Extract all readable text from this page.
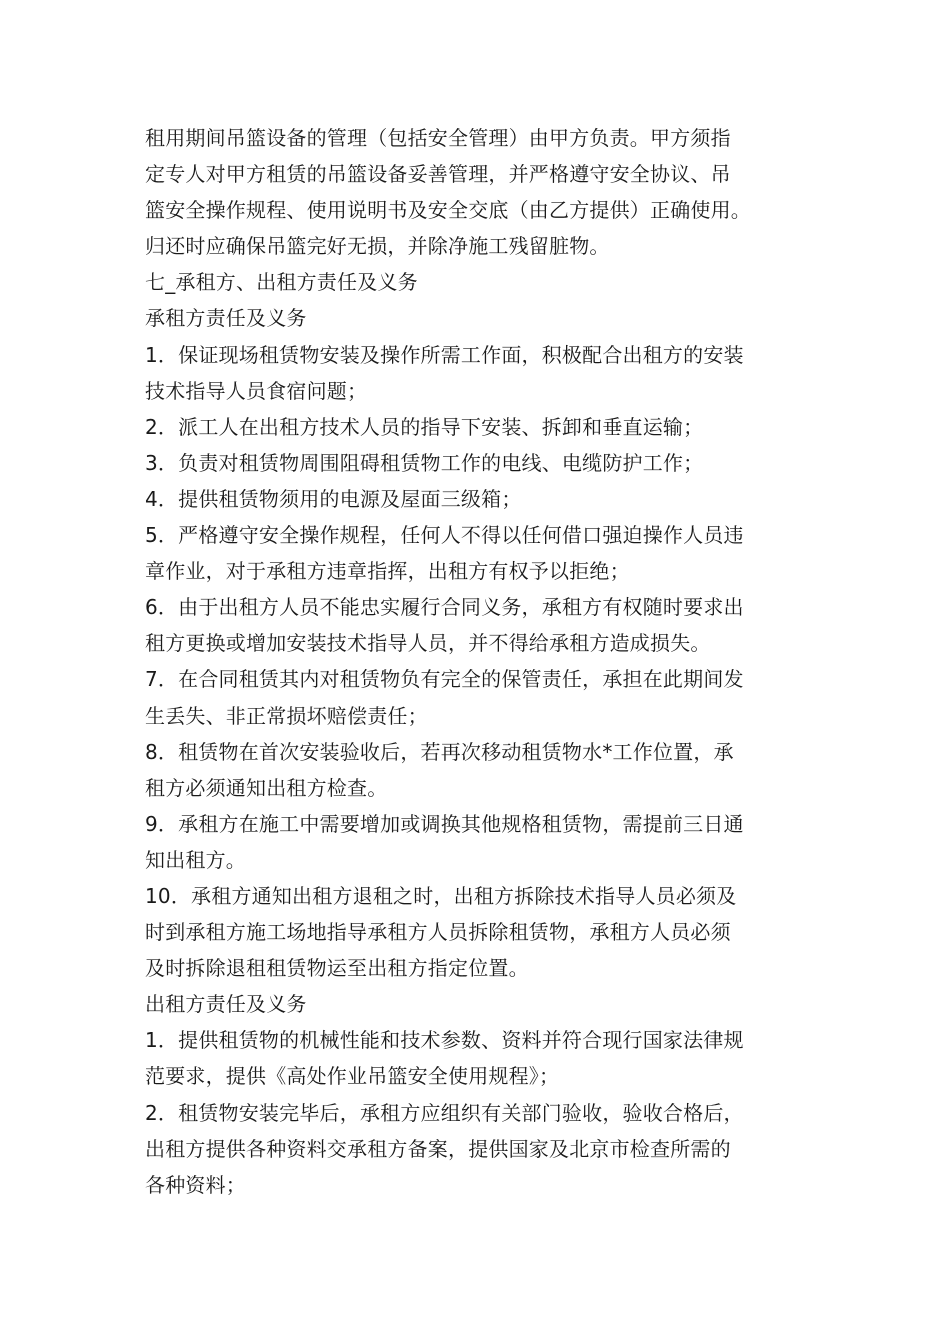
租用期间吊篮设备的管理（包括安全管理）由甲方负责。甲方须指
定专人对甲方租赁的吊篮设备妥善管理，并严格遵守安全协议、吊
篮安全操作规程、使用说明书及安全交底（由乙方提供）正确使用。
归还时应确保吊篮完好无损，并除净施工残留脏物。
七_承租方、出租方责任及义务
承租方责任及义务
1．保证现场租赁物安装及操作所需工作面，积极配合出租方的安装
技术指导人员食宿问题；
2．派工人在出租方技术人员的指导下安装、拆卸和垂直运输；
3．负责对租赁物周围阻碍租赁物工作的电线、电缆防护工作；
4．提供租赁物须用的电源及屋面三级箱；
5．严格遵守安全操作规程，任何人不得以任何借口强迫操作人员违
章作业，对于承租方违章指挥，出租方有权予以拒绝；
6．由于出租方人员不能忠实履行合同义务，承租方有权随时要求出
租方更换或增加安装技术指导人员，并不得给承租方造成损失。
7．在合同租赁其内对租赁物负有完全的保管责任，承担在此期间发
生丢失、非正常损坏赔偿责任；
8．租赁物在首次安装验收后，若再次移动租赁物水*工作位置，承
租方必须通知出租方检查。
9．承租方在施工中需要增加或调换其他规格租赁物，需提前三日通
知出租方。
10．承租方通知出租方退租之时，出租方拆除技术指导人员必须及
时到承租方施工场地指导承租方人员拆除租赁物，承租方人员必须
及时拆除退租租赁物运至出租方指定位置。
出租方责任及义务
1．提供租赁物的机械性能和技术参数、资料并符合现行国家法律规
范要求，提供《高处作业吊篮安全使用规程》；
2．租赁物安装完毕后，承租方应组织有关部门验收，验收合格后，
出租方提供各种资料交承租方备案，提供国家及北京市检查所需的
各种资料；
